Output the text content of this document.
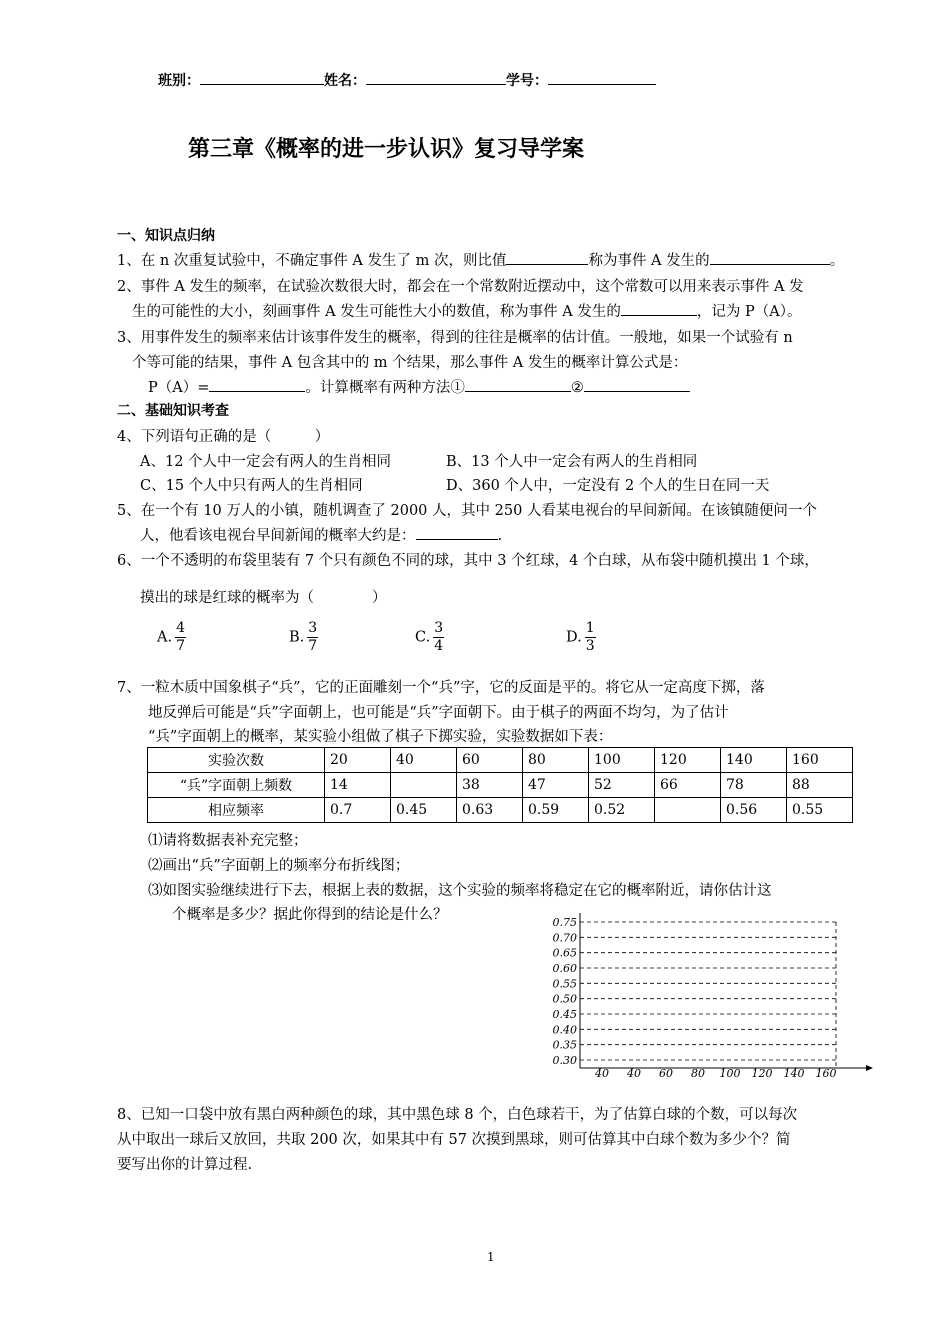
班别：	姓名：	学号：
第三章《概率的进一步认识》复习导学案
一、知识点归纳
1、在 n 次重复试验中，不确定事件 A 发生了 m 次，则比值	称为事件 A 发生的	。
2、事件 A 发生的频率，在试验次数很大时，都会在一个常数附近摆动中，这个常数可以用来表示事件 A 发
生的可能性的大小，刻画事件 A 发生可能性大小的数值，称为事件 A 发生的	，记为 P（A）。
3、用事件发生的频率来估计该事件发生的概率，得到的往往是概率的估计值。一般地，如果一个试验有 n
个等可能的结果，事件 A 包含其中的 m 个结果，那么事件 A 发生的概率计算公式是：
P（A）=	。计算概率有两种方法①	②
二、基础知识考查
4、下列语句正确的是（　　　）
A、12 个人中一定会有两人的生肖相同	B、13 个人中一定会有两人的生肖相同
C、15 个人中只有两人的生肖相同	D、360 个人中，一定没有 2 个人的生日在同一天
5、在一个有 10 万人的小镇，随机调查了 2000 人，其中 250 人看某电视台的早间新闻。在该镇随便问一个
人，他看该电视台早间新闻的概率大约是：	.
6、一个不透明的布袋里装有 7 个只有颜色不同的球，其中 3 个红球，4 个白球，从布袋中随机摸出 1 个球，
摸出的球是红球的概率为（　　　　）
A. $\frac{4}{7}$	B. $\frac{3}{7}$	C. $\frac{3}{4}$	D. $\frac{1}{3}$
7、一粒木质中国象棋子“兵”，它的正面雕刻一个“兵”字，它的反面是平的。将它从一定高度下掷，落
地反弹后可能是“兵”字面朝上，也可能是“兵”字面朝下。由于棋子的两面不均匀，为了估计
“兵”字面朝上的概率，某实验小组做了棋子下掷实验，实验数据如下表：
实验次数	20	40	60	80	100	120	140	160
“兵”字面朝上频数	14		38	47	52	66	78	88
相应频率	0.7	0.45	0.63	0.59	0.52		0.56	0.55
⑴请将数据表补充完整；
⑵画出“兵”字面朝上的频率分布折线图；
⑶如图实验继续进行下去，根据上表的数据，这个实验的频率将稳定在它的概率附近，请你估计这
个概率是多少？据此你得到的结论是什么？	0.75
0.70
0.65
0.60
0.55
0.50
0.45
0.40
0.35
0.30
40 40 60 80 100 120 140 160
8、已知一口袋中放有黑白两种颜色的球，其中黑色球 8 个，白色球若干，为了估算白球的个数，可以每次
从中取出一球后又放回，共取 200 次，如果其中有 57 次摸到黑球，则可估算其中白球个数为多少个？简
要写出你的计算过程.
1
